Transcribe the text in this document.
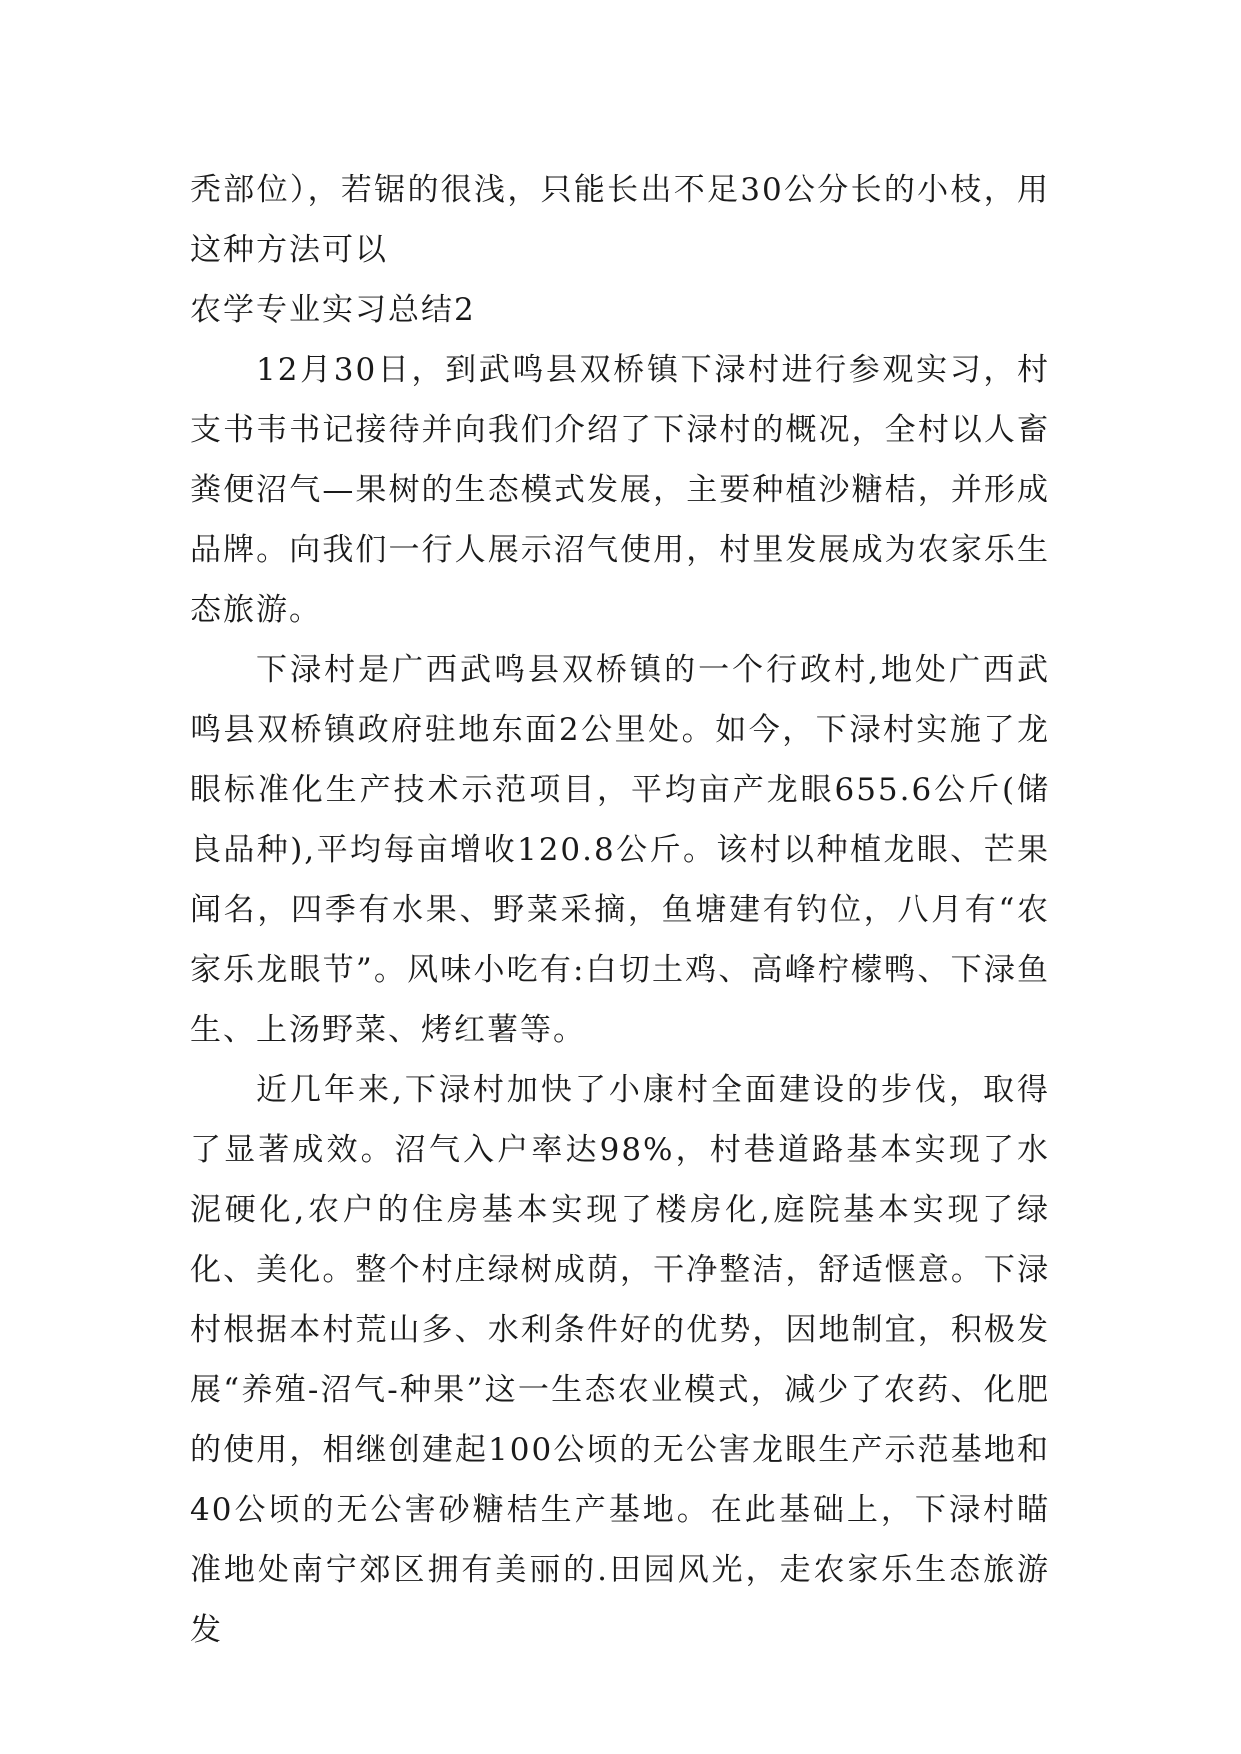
秃部位），若锯的很浅，只能长出不足30公分长的小枝，用这种方法可以

农学专业实习总结2

12月30日，到武鸣县双桥镇下渌村进行参观实习，村支书韦书记接待并向我们介绍了下渌村的概况，全村以人畜粪便沼气—果树的生态模式发展，主要种植沙糖桔，并形成品牌。向我们一行人展示沼气使用，村里发展成为农家乐生态旅游。

下渌村是广西武鸣县双桥镇的一个行政村,地处广西武鸣县双桥镇政府驻地东面2公里处。如今，下渌村实施了龙眼标准化生产技术示范项目，平均亩产龙眼655.6公斤(储良品种),平均每亩增收120.8公斤。该村以种植龙眼、芒果闻名，四季有水果、野菜采摘，鱼塘建有钓位，八月有“农家乐龙眼节”。风味小吃有:白切土鸡、高峰柠檬鸭、下渌鱼生、上汤野菜、烤红薯等。

近几年来,下渌村加快了小康村全面建设的步伐，取得了显著成效。沼气入户率达98%，村巷道路基本实现了水泥硬化,农户的住房基本实现了楼房化,庭院基本实现了绿化、美化。整个村庄绿树成荫，干净整洁，舒适惬意。下渌村根据本村荒山多、水利条件好的优势，因地制宜，积极发展“养殖-沼气-种果”这一生态农业模式，减少了农药、化肥的使用，相继创建起100公顷的无公害龙眼生产示范基地和40公顷的无公害砂糖桔生产基地。在此基础上，下渌村瞄准地处南宁郊区拥有美丽的.田园风光，走农家乐生态旅游发
